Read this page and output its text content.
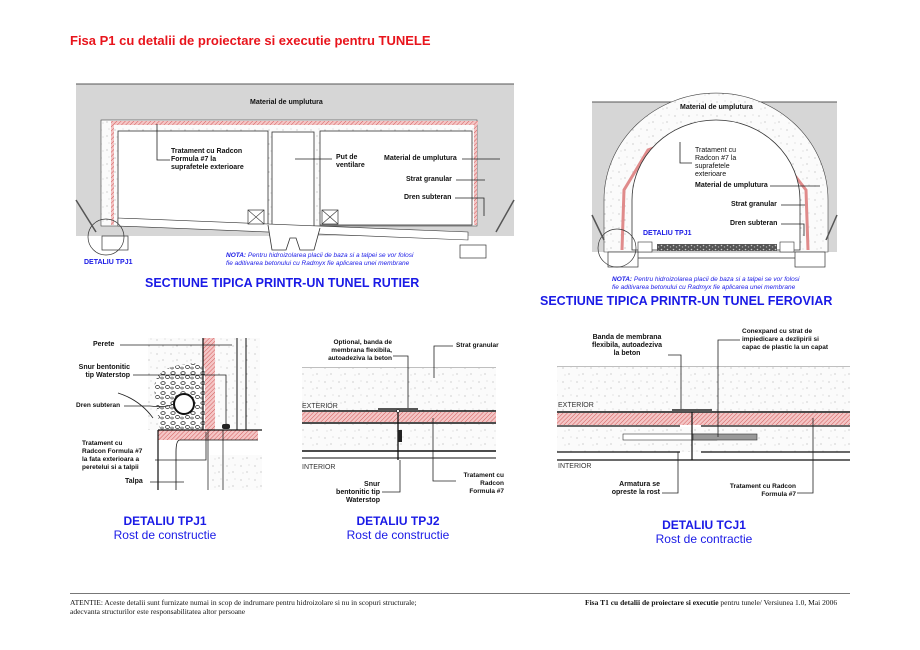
Fisa P1 cu detalii de proiectare si executie pentru TUNELE
Material de umplutura
Tratament cu Radcon
Formula #7 la
suprafetele exterioare
Put de
ventilare
Material de umplutura
Strat granular
Dren subteran
DETALIU TPJ1
NOTA: Pentru hidroizolarea placii de baza si a talpei se vor folosi
fie aditivarea betonului cu Radmyx fie aplicarea unei membrane
SECTIUNE TIPICA PRINTR-UN TUNEL RUTIER
Material de umplutura
Tratament cu
Radcon #7 la
suprafetele
exterioare
Material de umplutura
Strat granular
Dren subteran
DETALIU TPJ1
NOTA: Pentru hidroizolarea placii de baza si a talpei se vor folosi
fie aditivarea betonului cu Radmyx fie aplicarea unei membrane
SECTIUNE TIPICA PRINTR-UN TUNEL FEROVIAR
Perete
Snur bentonitic
tip Waterstop
Dren subteran
Tratament cu
Radcon Formula #7
la fata exterioara a
peretelui si a talpii
Talpa
DETALIU TPJ1
Rost de constructie
Optional, banda de
membrana flexibila,
autoadeziva la beton
Strat granular
EXTERIOR
INTERIOR
Snur
bentonitic tip
Waterstop
Tratament cu
Radcon
Formula #7
DETALIU TPJ2
Rost de constructie
Banda de membrana
flexibila, autoadeziva
la beton
Conexpand cu strat de
impiedicare a dezlipirii si
capac de plastic la un capat
EXTERIOR
INTERIOR
Armatura se
opreste la rost
Tratament cu Radcon
Formula #7
DETALIU TCJ1
Rost de contractie
ATENTIE: Aceste detalii sunt furnizate numai in scop de indrumare pentru hidroizolare si nu in scopuri structurale;
adecvanta structurilor este responsabilitatea altor persoane
Fisa T1 cu detalii de proiectare si executie pentru tunele/ Versiunea 1.0, Mai 2006
